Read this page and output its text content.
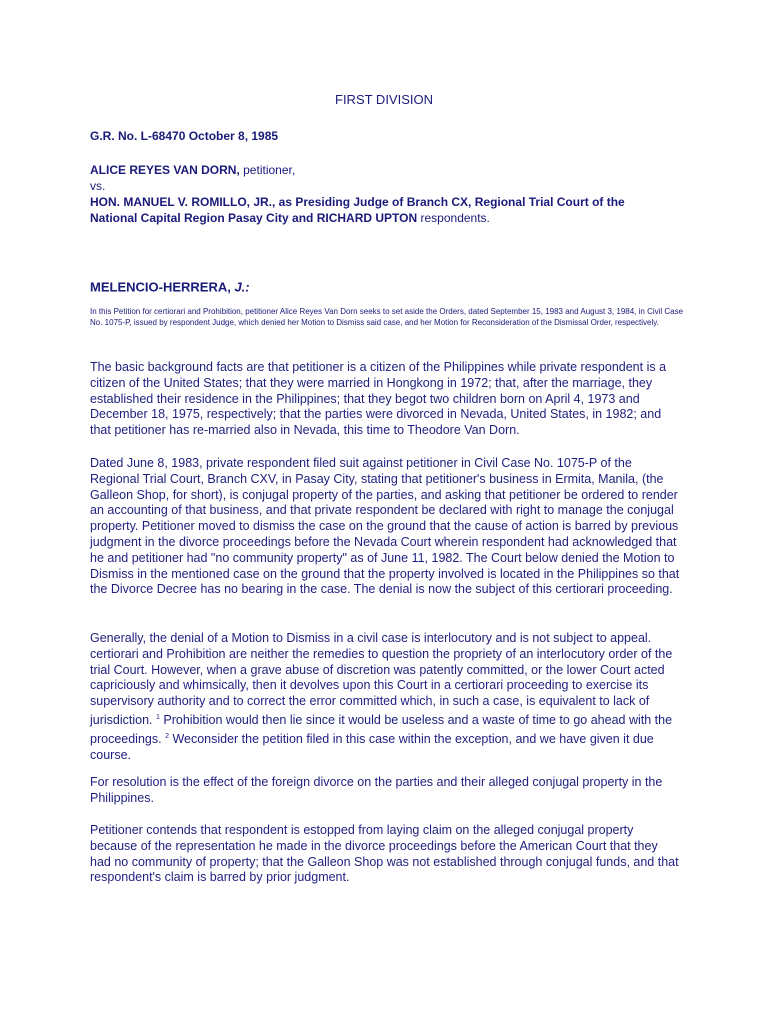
FIRST DIVISION
G.R. No. L-68470 October 8, 1985
ALICE REYES VAN DORN, petitioner,
vs.
HON. MANUEL V. ROMILLO, JR., as Presiding Judge of Branch CX, Regional Trial Court of the National Capital Region Pasay City and RICHARD UPTON respondents.
MELENCIO-HERRERA, J.:
In this Petition for certiorari and Prohibition, petitioner Alice Reyes Van Dorn seeks to set aside the Orders, dated September 15, 1983 and August 3, 1984, in Civil Case No. 1075-P, issued by respondent Judge, which denied her Motion to Dismiss said case, and her Motion for Reconsideration of the Dismissal Order, respectively.
The basic background facts are that petitioner is a citizen of the Philippines while private respondent is a citizen of the United States; that they were married in Hongkong in 1972; that, after the marriage, they established their residence in the Philippines; that they begot two children born on April 4, 1973 and December 18, 1975, respectively; that the parties were divorced in Nevada, United States, in 1982; and that petitioner has re-married also in Nevada, this time to Theodore Van Dorn.
Dated June 8, 1983, private respondent filed suit against petitioner in Civil Case No. 1075-P of the Regional Trial Court, Branch CXV, in Pasay City, stating that petitioner's business in Ermita, Manila, (the Galleon Shop, for short), is conjugal property of the parties, and asking that petitioner be ordered to render an accounting of that business, and that private respondent be declared with right to manage the conjugal property. Petitioner moved to dismiss the case on the ground that the cause of action is barred by previous judgment in the divorce proceedings before the Nevada Court wherein respondent had acknowledged that he and petitioner had "no community property" as of June 11, 1982. The Court below denied the Motion to Dismiss in the mentioned case on the ground that the property involved is located in the Philippines so that the Divorce Decree has no bearing in the case. The denial is now the subject of this certiorari proceeding.
Generally, the denial of a Motion to Dismiss in a civil case is interlocutory and is not subject to appeal. certiorari and Prohibition are neither the remedies to question the propriety of an interlocutory order of the trial Court. However, when a grave abuse of discretion was patently committed, or the lower Court acted capriciously and whimsically, then it devolves upon this Court in a certiorari proceeding to exercise its supervisory authority and to correct the error committed which, in such a case, is equivalent to lack of jurisdiction. $^1$ Prohibition would then lie since it would be useless and a waste of time to go ahead with the proceedings. $^2$ Weconsider the petition filed in this case within the exception, and we have given it due course.
For resolution is the effect of the foreign divorce on the parties and their alleged conjugal property in the Philippines.
Petitioner contends that respondent is estopped from laying claim on the alleged conjugal property because of the representation he made in the divorce proceedings before the American Court that they had no community of property; that the Galleon Shop was not established through conjugal funds, and that respondent's claim is barred by prior judgment.
